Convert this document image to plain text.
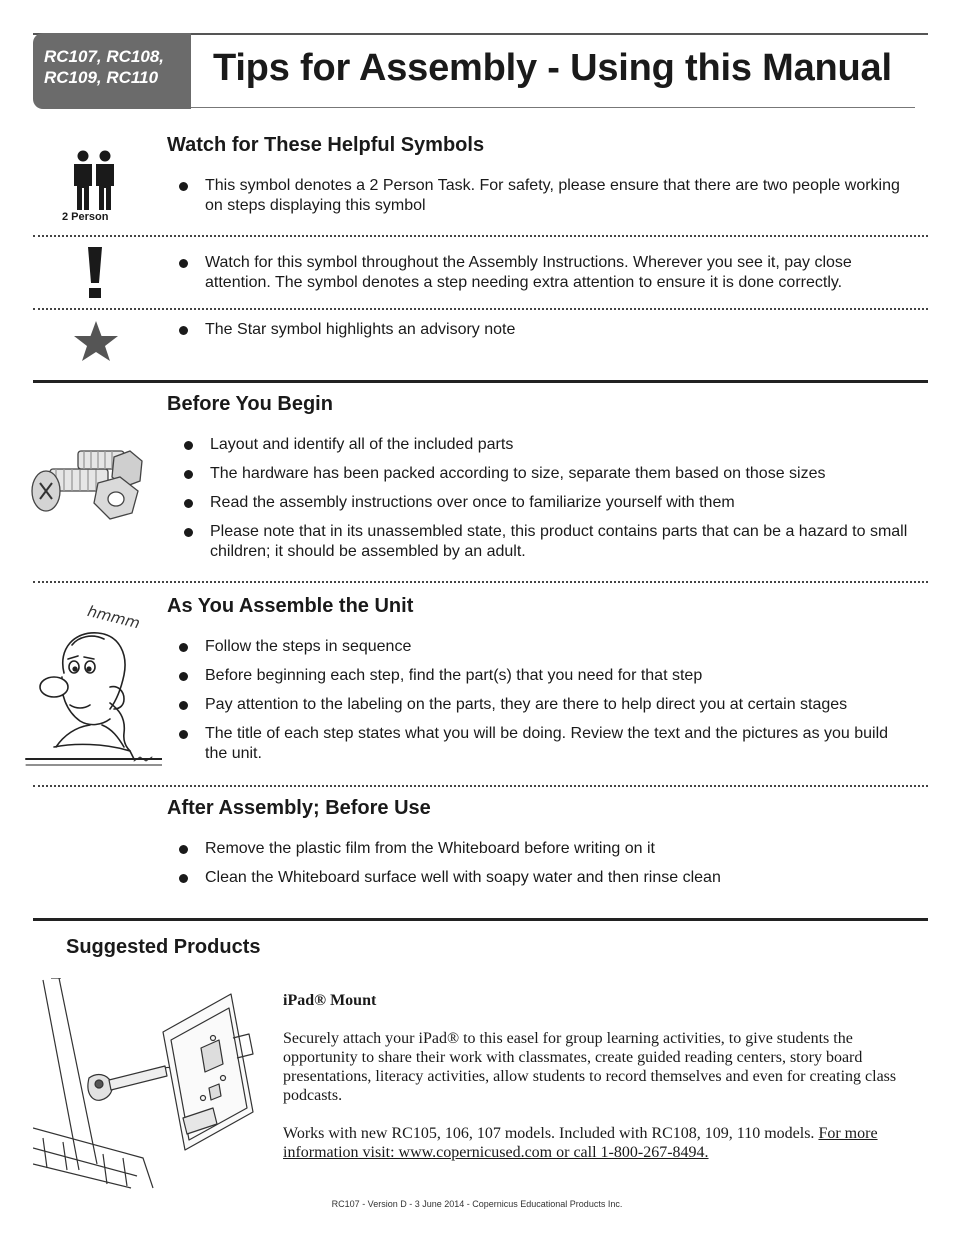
RC107, RC108,
RC109, RC110	Tips for Assembly - Using this Manual
Watch for These Helpful Symbols
2 Person
This symbol denotes a 2 Person Task. For safety, please ensure that there are two people working on steps displaying this symbol
Watch for this symbol throughout the Assembly Instructions. Wherever you see it, pay close attention. The symbol denotes a step needing extra attention to ensure it is done correctly.
The Star symbol highlights an advisory note
Before You Begin
Layout and identify all of the included parts
The hardware has been packed according to size, separate them based on those sizes
Read the assembly instructions over once to familiarize yourself with them
Please note that in its unassembled state, this product contains parts that can be a hazard to small children; it should be assembled by an adult.
As You Assemble the Unit
hmmm
Follow the steps in sequence
Before beginning each step, find the part(s) that you need for that step
Pay attention to the labeling on the parts, they are there to help direct you at certain stages
The title of each step states what you will be doing. Review the text and the pictures as you build the unit.
After Assembly; Before Use
Remove the plastic film from the Whiteboard before writing on it
Clean the Whiteboard surface well with soapy water and then rinse clean
Suggested Products
iPad® Mount

Securely attach your iPad® to this easel for group learning activities, to give students the opportunity to share their work with classmates, create guided reading centers, story board presentations, literacy activities, allow students to record themselves and even for creating class podcasts.

Works with new RC105, 106, 107 models. Included with RC108, 109, 110 models. For more information visit: www.copernicused.com or call 1-800-267-8494.

RC107 - Version D - 3 June 2014 - Copernicus Educational Products Inc.
